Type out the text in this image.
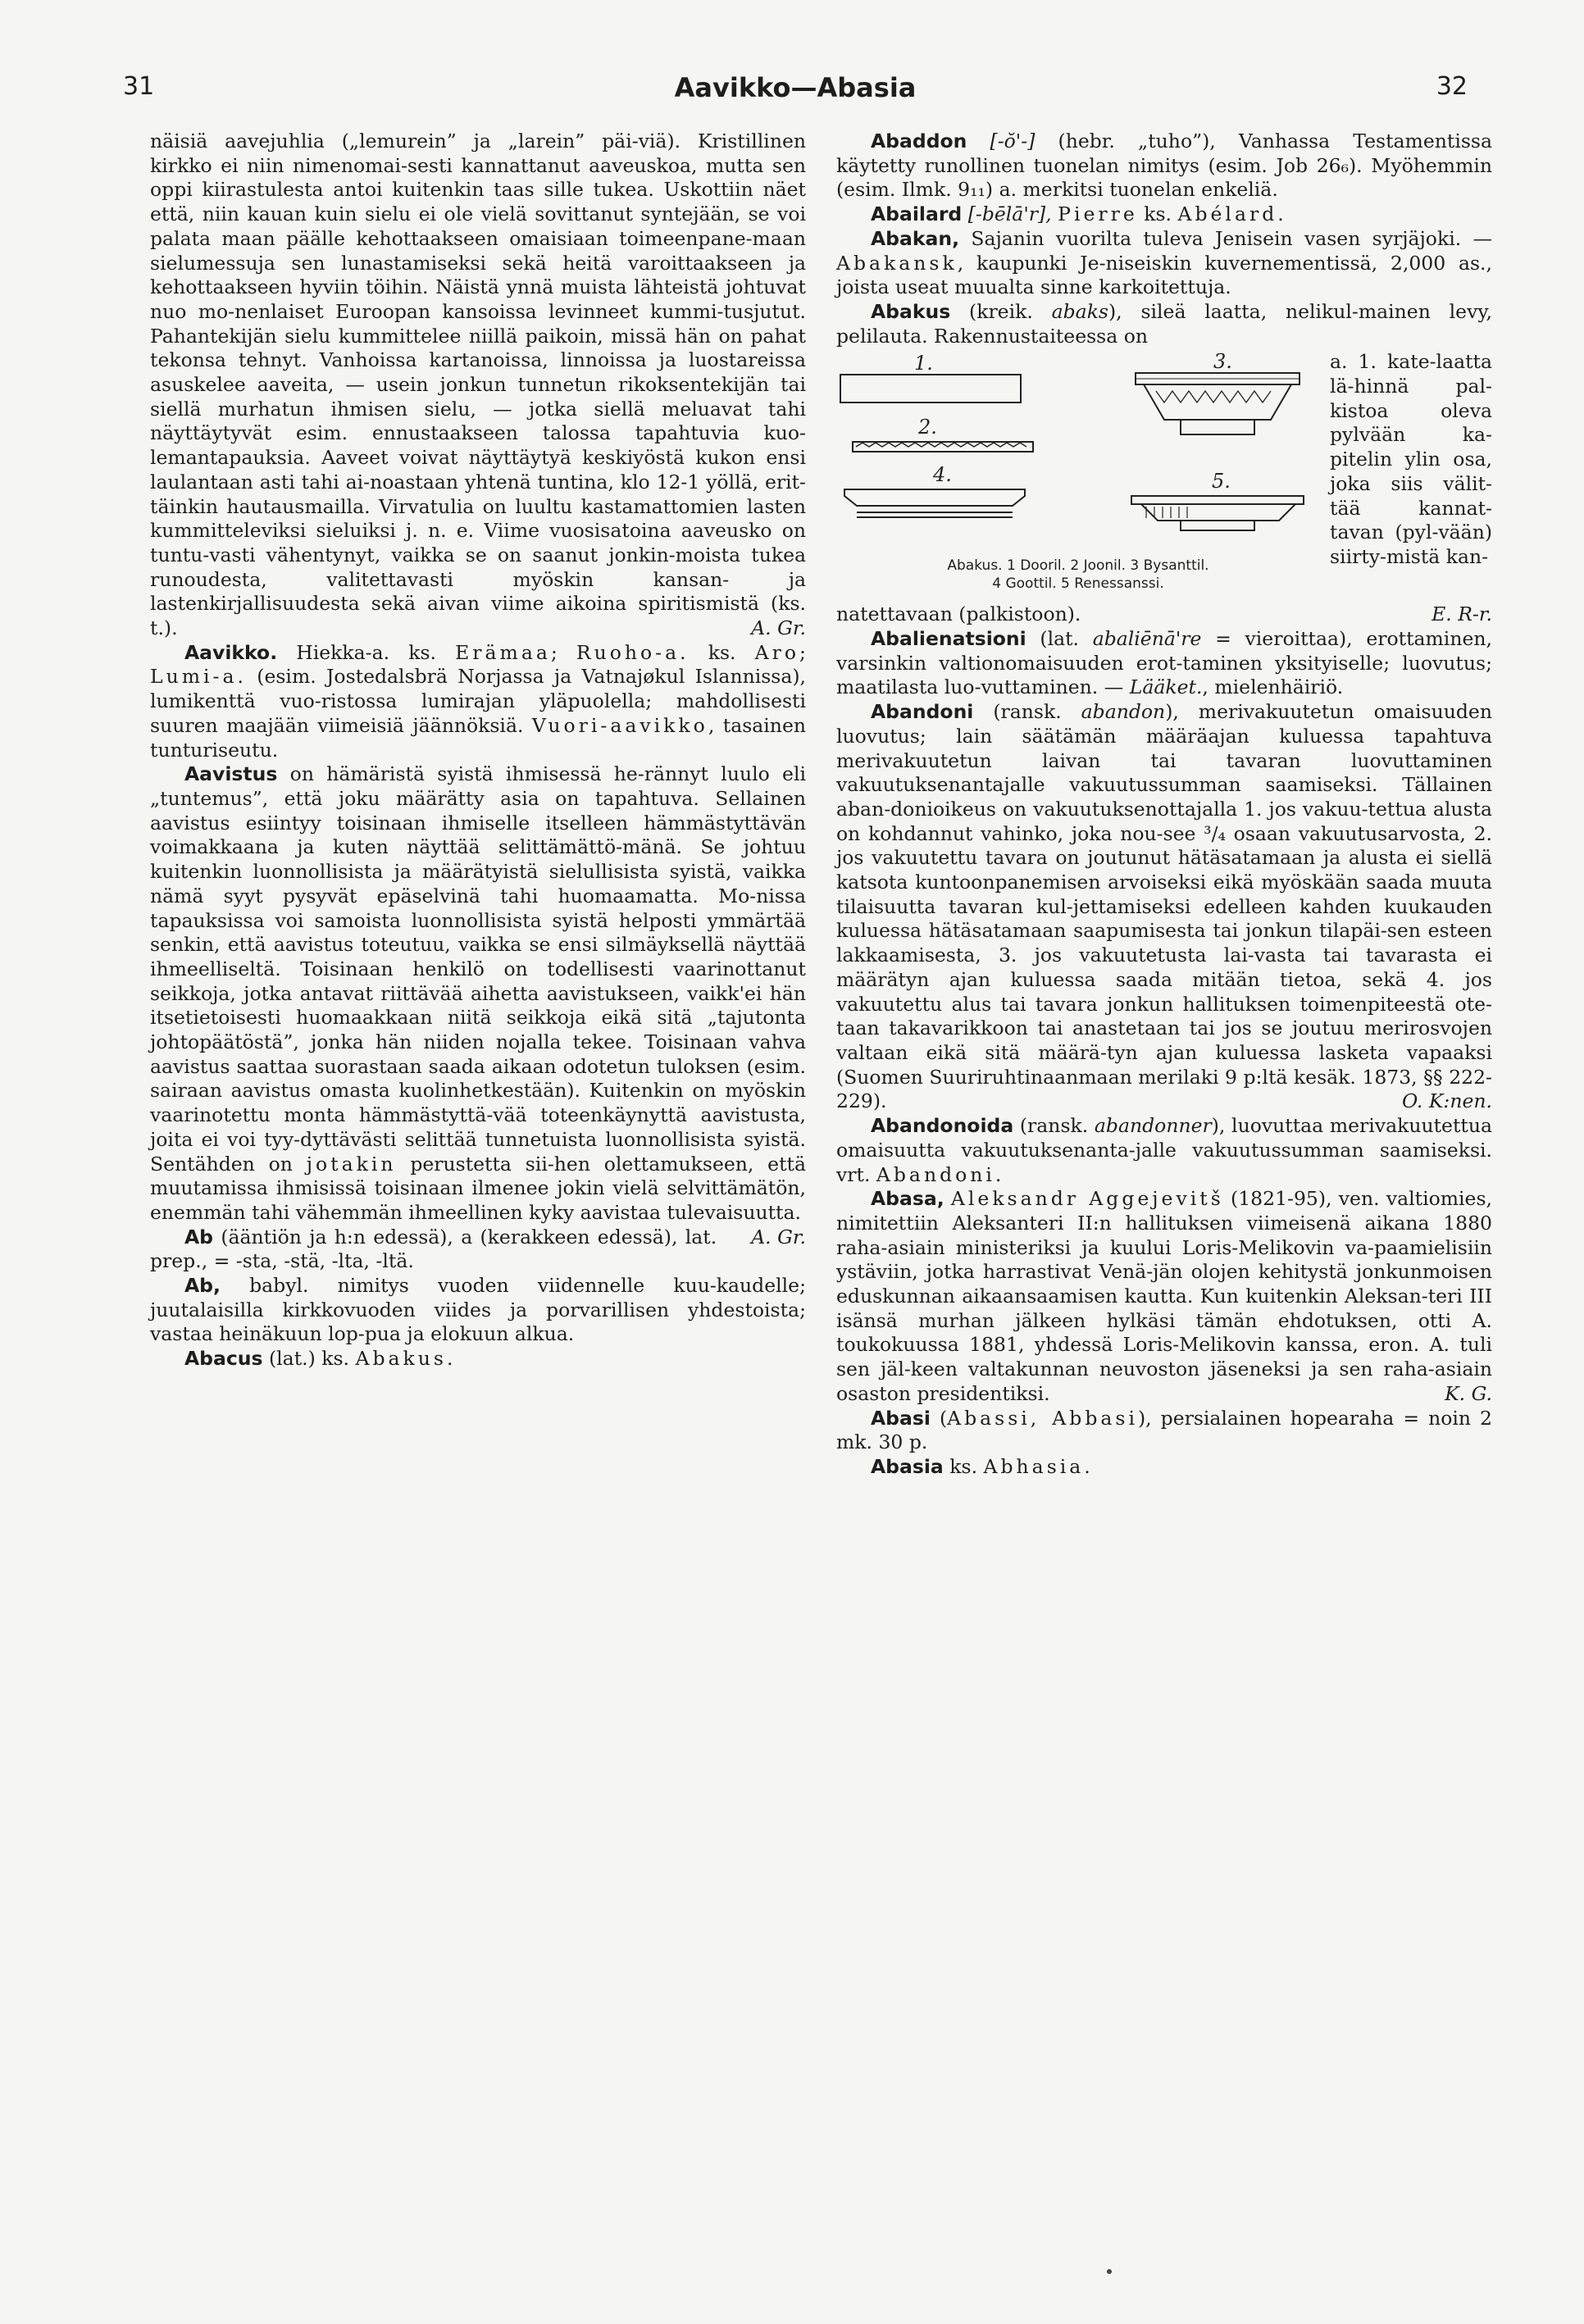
31	Aavikko—Abasia	32

näisiä aavejuhlia („lemurein” ja „larein” päi-viä). Kristillinen kirkko ei niin nimenomai-sesti kannattanut aaveuskoa, mutta sen oppi kiirastulesta antoi kuitenkin taas sille tukea. Uskottiin näet että, niin kauan kuin sielu ei ole vielä sovittanut syntejään, se voi palata maan päälle kehottaakseen omaisiaan toimeenpane-maan sielumessuja sen lunastamiseksi sekä heitä varoittaakseen ja kehottaakseen hyviin töihin. Näistä ynnä muista lähteistä johtuvat nuo mo-nenlaiset Euroopan kansoissa levinneet kummi-tusjutut. Pahantekijän sielu kummittelee niillä paikoin, missä hän on pahat tekonsa tehnyt. Vanhoissa kartanoissa, linnoissa ja luostareissa asuskelee aaveita, — usein jonkun tunnetun rikoksentekijän tai siellä murhatun ihmisen sielu, — jotka siellä meluavat tahi näyttäytyvät esim. ennustaakseen talossa tapahtuvia kuo-lemantapauksia. Aaveet voivat näyttäytyä keskiyöstä kukon ensi laulantaan asti tahi ai-noastaan yhtenä tuntina, klo 12-1 yöllä, erit-täinkin hautausmailla. Virvatulia on luultu kastamattomien lasten kummitteleviksi sieluiksi j. n. e. Viime vuosisatoina aaveusko on tuntu-vasti vähentynyt, vaikka se on saanut jonkin-moista tukea runoudesta, valitettavasti myöskin kansan- ja lastenkirjallisuudesta sekä aivan viime aikoina spiritismistä (ks. t.).	A. Gr.

Aavikko. Hiekka-a. ks. Erämaa; Ruoho-a. ks. Aro; Lumi-a. (esim. Jostedalsbrä Norjassa ja Vatnajøkul Islannissa), lumikenttä vuo-ristossa lumirajan yläpuolella; mahdollisesti suuren maajään viimeisiä jäännöksiä. Vuori-aavikko, tasainen tunturiseutu.

Aavistus on hämäristä syistä ihmisessä he-rännyt luulo eli „tuntemus”, että joku määrätty asia on tapahtuva. Sellainen aavistus esiintyy toisinaan ihmiselle itselleen hämmästyttävän voimakkaana ja kuten näyttää selittämättö-mänä. Se johtuu kuitenkin luonnollisista ja määrätyistä sielullisista syistä, vaikka nämä syyt pysyvät epäselvinä tahi huomaamatta. Mo-nissa tapauksissa voi samoista luonnollisista syistä helposti ymmärtää senkin, että aavistus toteutuu, vaikka se ensi silmäyksellä näyttää ihmeelliseltä. Toisinaan henkilö on todellisesti vaarinottanut seikkoja, jotka antavat riittävää aihetta aavistukseen, vaikk'ei hän itsetietoisesti huomaakkaan niitä seikkoja eikä sitä „tajutonta johtopäätöstä”, jonka hän niiden nojalla tekee. Toisinaan vahva aavistus saattaa suorastaan saada aikaan odotetun tuloksen (esim. sairaan aavistus omasta kuolinhetkestään). Kuitenkin on myöskin vaarinotettu monta hämmästyttä-vää toteenkäynyttä aavistusta, joita ei voi tyy-dyttävästi selittää tunnetuista luonnollisista syistä. Sentähden on jotakin perustetta sii-hen olettamukseen, että muutamissa ihmisissä toisinaan ilmenee jokin vielä selvittämätön, enemmän tahi vähemmän ihmeellinen kyky aavistaa tulevaisuutta.
A. Gr.

Ab (ääntiön ja h:n edessä), a (kerakkeen edessä), lat. prep., = -sta, -stä, -lta, -ltä.

Ab, babyl. nimitys vuoden viidennelle kuu-kaudelle; juutalaisilla kirkkovuoden viides ja porvarillisen yhdestoista; vastaa heinäkuun lop-pua ja elokuun alkua.

Abacus (lat.) ks. Abakus.

Abaddon [-ŏ'-] (hebr. „tuho”), Vanhassa Testamentissa käytetty runollinen tuonelan nimitys (esim. Job 26₆). Myöhemmin (esim. Ilmk. 9₁₁) a. merkitsi tuonelan enkeliä.

Abailard [-bēlā'r], Pierre ks. Abélard.

Abakan, Sajanin vuorilta tuleva Jenisein vasen syrjäjoki. — Abakansk, kaupunki Je-niseiskin kuvernementissä, 2,000 as., joista useat muualta sinne karkoitettuja.

Abakus (kreik. abaks), sileä laatta, nelikul-mainen levy, pelilauta. Rakennustaiteessa on

1.
2.
3.
4.	5.
a. 1. kate-laatta lä-hinnä pal-kistoa oleva pylvään ka-pitelin ylin osa, joka siis välit-tää kannat-tavan (pyl-vään) siirty-mistä kan-
Abakus. 1 Dooril. 2 Joonil. 3 Bysanttil.
4 Goottil. 5 Renessanssi.

natettavaan (palkistoon).	E. R-r.

Abalienatsioni (lat. abaliēnā're = vieroittaa), erottaminen, varsinkin valtionomaisuuden erot-taminen yksityiselle; luovutus; maatilasta luo-vuttaminen. — Lääket., mielenhäiriö.

Abandoni (ransk. abandon), merivakuutetun omaisuuden luovutus; lain säätämän määräajan kuluessa tapahtuva merivakuutetun laivan tai tavaran luovuttaminen vakuutuksenantajalle vakuutussumman saamiseksi. Tällainen aban-donioikeus on vakuutuksenottajalla 1. jos vakuu-tettua alusta on kohdannut vahinko, joka nou-see ³/₄ osaan vakuutusarvosta, 2. jos vakuutettu tavara on joutunut hätäsatamaan ja alusta ei siellä katsota kuntoonpanemisen arvoiseksi eikä myöskään saada muuta tilaisuutta tavaran kul-jettamiseksi edelleen kahden kuukauden kuluessa hätäsatamaan saapumisesta tai jonkun tilapäi-sen esteen lakkaamisesta, 3. jos vakuutetusta lai-vasta tai tavarasta ei määrätyn ajan kuluessa saada mitään tietoa, sekä 4. jos vakuutettu alus tai tavara jonkun hallituksen toimenpiteestä ote-taan takavarikkoon tai anastetaan tai jos se joutuu merirosvojen valtaan eikä sitä määrä-tyn ajan kuluessa lasketa vapaaksi (Suomen Suuriruhtinaanmaan merilaki 9 p:ltä kesäk. 1873, §§ 222-229).	O. K:nen.

Abandonoida (ransk. abandonner), luovuttaa merivakuutettua omaisuutta vakuutuksenanta-jalle vakuutussumman saamiseksi. vrt. Abandoni.

Abasa, Aleksandr Aggejevitš (1821-95), ven. valtiomies, nimitettiin Aleksanteri II:n hallituksen viimeisenä aikana 1880 raha-asiain ministeriksi ja kuului Loris-Melikovin va-paamielisiin ystäviin, jotka harrastivat Venä-jän olojen kehitystä jonkunmoisen eduskunnan aikaansaamisen kautta. Kun kuitenkin Aleksan-teri III isänsä murhan jälkeen hylkäsi tämän ehdotuksen, otti A. toukokuussa 1881, yhdessä Loris-Melikovin kanssa, eron. A. tuli sen jäl-keen valtakunnan neuvoston jäseneksi ja sen raha-asiain osaston presidentiksi.	K. G.

Abasi (Abassi, Abbasi), persialainen hopearaha = noin 2 mk. 30 p.

Abasia ks. Abhasia.
